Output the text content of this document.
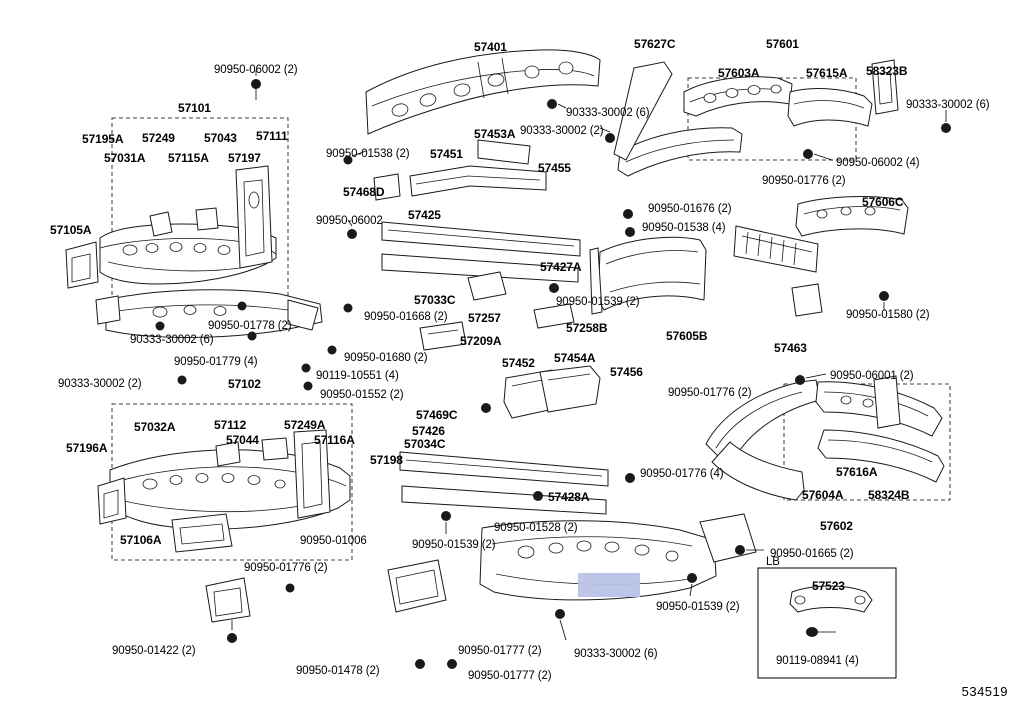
LB
534519
90950-06002 (2)
57101
57195A 57249 57043 57111
57031A 57115A 57197
57105A
90950-01538 (2)
57468D
90950-06002
57451
57453A
57455
57425
57033C
57257
57209A
90333-30002 (6)
90950-01778 (2)
90950-01779 (4)
90333-30002 (2)	57102
90950-01668 (2)
90950-01680 (2)
90119-10551 (4)
90950-01552 (2)
57032A	57112	57249A
57196A
57044	57116A
57198
57106A	90950-01006
90950-01776 (2)
90950-01422 (2)
90950-01478 (2)
90950-01777 (2)
90950-01777 (2)
90950-01539 (2)
90950-01528 (2)
57034C
57426
57469C
57452 57454A
57456
57428A
90333-30002 (6)
90950-01539 (2)
90950-01665 (2)
90950-01776 (4)
90950-01776 (2)
57401	57627C	57601
57603A	57615A 58323B
90333-30002 (6)
90333-30002 (2)
90333-30002 (6)
90950-06002 (4)
90950-01776 (2)
90950-01676 (2)
90950-01538 (4)
57606C
57427A
90950-01539 (2)
57258B
57605B
57463
90950-01580 (2)
90950-06001 (2)
57616A
57604A 58324B
57602
57523
90119-08941 (4)
